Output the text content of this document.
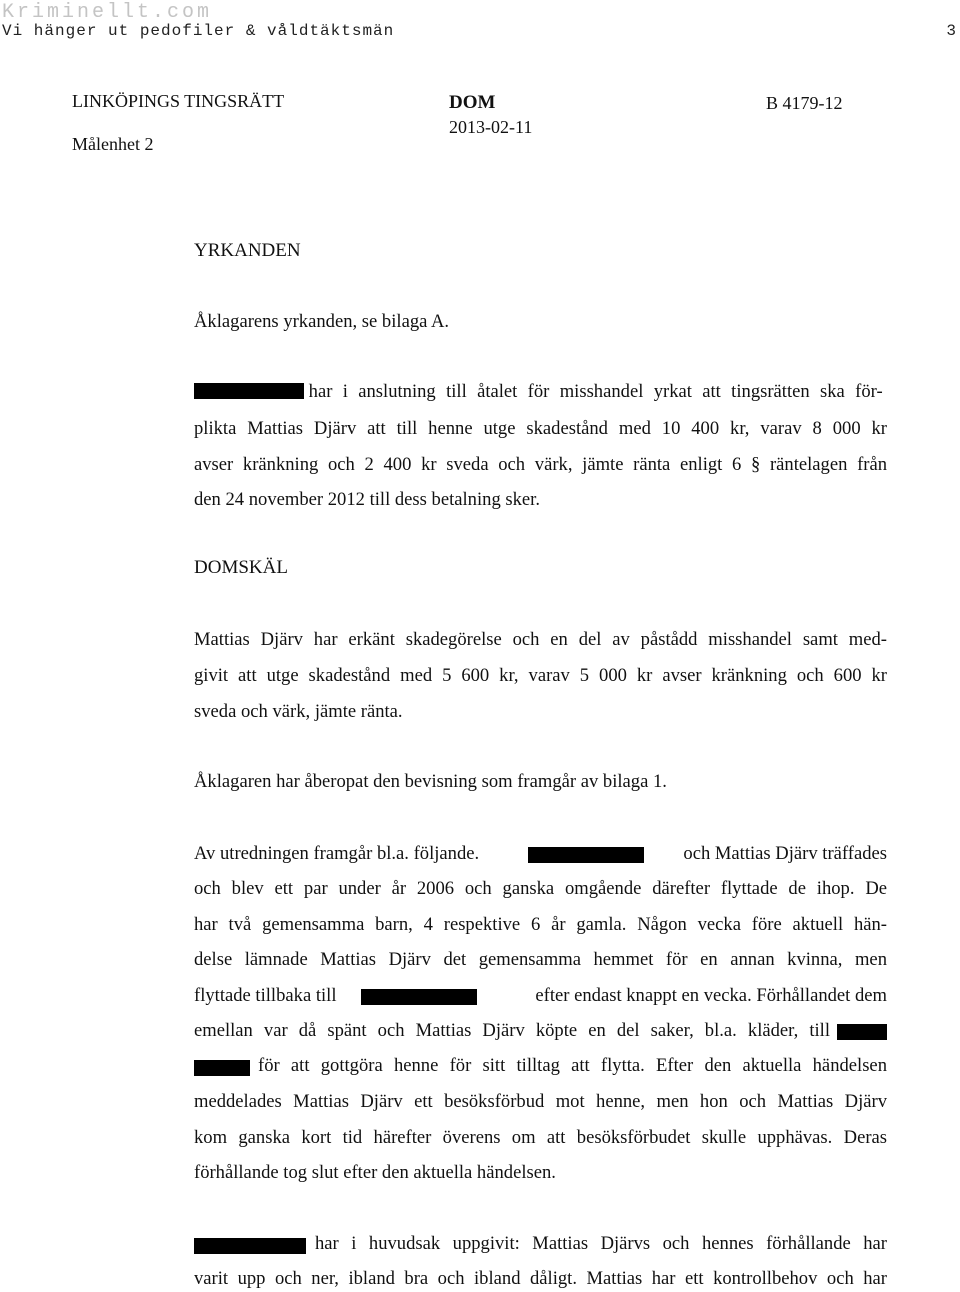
Kriminellt.com
Vi hänger ut pedofiler & våldtäktsmän	3
LINKÖPINGS TINGSRÄTT
Målenhet 2
DOM
2013-02-11
B 4179-12
YRKANDEN
Åklagarens yrkanden, se bilaga A.
har i anslutning till åtalet för misshandel yrkat att tingsrätten ska för-
plikta Mattias Djärv att till henne utge skadestånd med 10 400 kr, varav 8 000 kr
avser kränkning och 2 400 kr sveda och värk, jämte ränta enligt 6 § räntelagen från
den 24 november 2012 till dess betalning sker.
DOMSKÄL
Mattias Djärv har erkänt skadegörelse och en del av påstådd misshandel samt med-
givit att utge skadestånd med 5 600 kr, varav 5 000 kr avser kränkning och 600 kr
sveda och värk, jämte ränta.
Åklagaren har åberopat den bevisning som framgår av bilaga 1.
Av utredningen framgår bl.a. följande.	och Mattias Djärv träffades
och blev ett par under år 2006 och ganska omgående därefter flyttade de ihop. De
har två gemensamma barn, 4 respektive 6 år gamla. Någon vecka före aktuell hän-
delse lämnade Mattias Djärv det gemensamma hemmet för en annan kvinna, men
flyttade tillbaka till	efter endast knappt en vecka. Förhållandet dem
emellan var då spänt och Mattias Djärv köpte en del saker, bl.a. kläder, till
för att gottgöra henne för sitt tilltag att flytta. Efter den aktuella händelsen
meddelades Mattias Djärv ett besöksförbud mot henne, men hon och Mattias Djärv
kom ganska kort tid härefter överens om att besöksförbudet skulle upphävas. Deras
förhållande tog slut efter den aktuella händelsen.
har i huvudsak uppgivit: Mattias Djärvs och hennes förhållande har
varit upp och ner, ibland bra och ibland dåligt. Mattias har ett kontrollbehov och har
